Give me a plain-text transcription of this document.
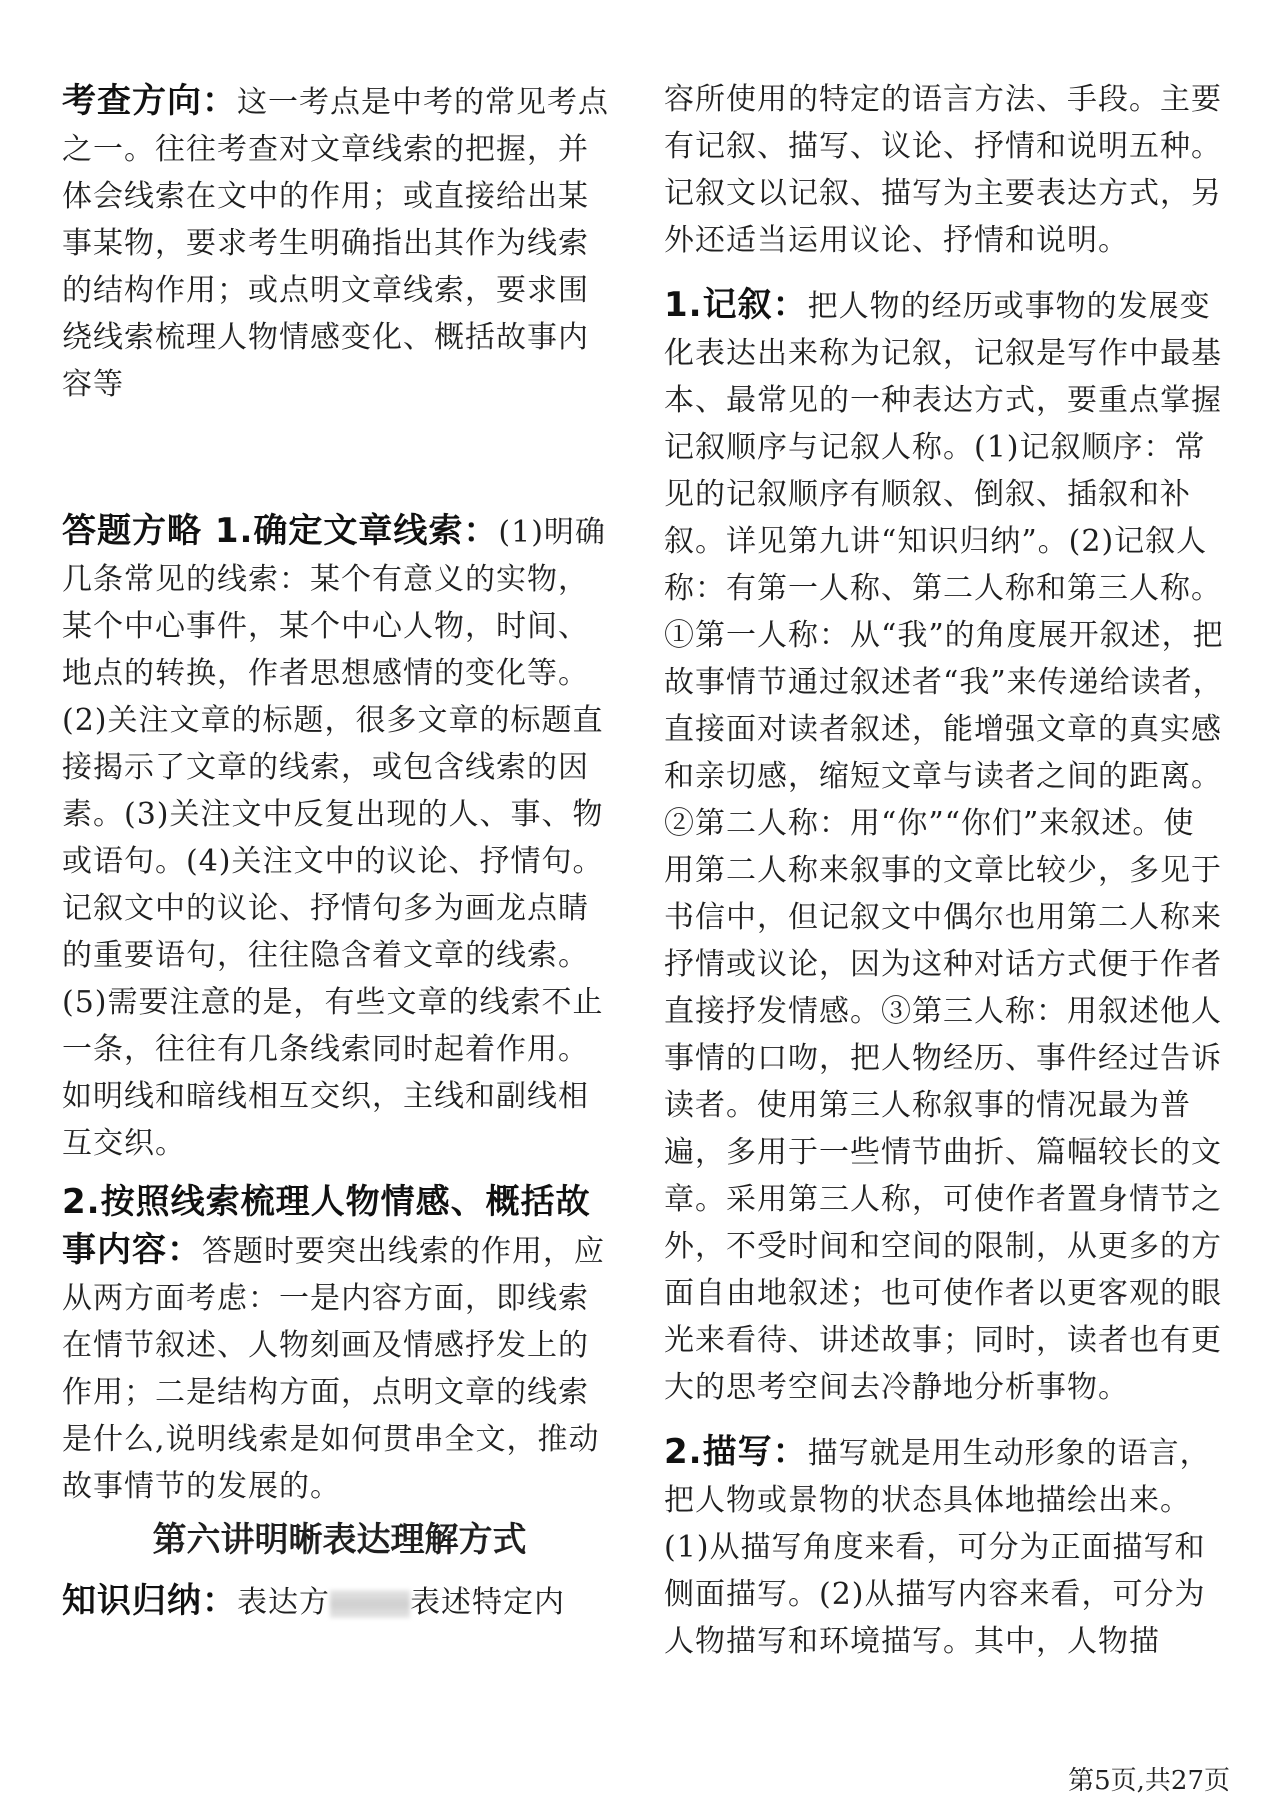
考查方向：这一考点是中考的常见考点之一。往往考查对文章线索的把握，并体会线索在文中的作用；或直接给出某事某物，要求考生明确指出其作为线索的结构作用；或点明文章线索，要求围绕线索梳理人物情感变化、概括故事内容等

答题方略 1.确定文章线索：(1)明确几条常见的线索：某个有意义的实物，某个中心事件，某个中心人物，时间、地点的转换，作者思想感情的变化等。(2)关注文章的标题，很多文章的标题直接揭示了文章的线索，或包含线索的因素。(3)关注文中反复出现的人、事、物或语句。(4)关注文中的议论、抒情句。记叙文中的议论、抒情句多为画龙点睛的重要语句，往往隐含着文章的线索。(5)需要注意的是，有些文章的线索不止一条，往往有几条线索同时起着作用。如明线和暗线相互交织，主线和副线相互交织。

2.按照线索梳理人物情感、概括故事内容：答题时要突出线索的作用，应从两方面考虑：一是内容方面，即线索在情节叙述、人物刻画及情感抒发上的作用；二是结构方面，点明文章的线索是什么,说明线索是如何贯串全文，推动故事情节的发展的。

第六讲明晰表达理解方式

知识归纳：表达方	表述特定内

容所使用的特定的语言方法、手段。主要有记叙、描写、议论、抒情和说明五种。记叙文以记叙、描写为主要表达方式，另外还适当运用议论、抒情和说明。

1.记叙：把人物的经历或事物的发展变化表达出来称为记叙，记叙是写作中最基本、最常见的一种表达方式，要重点掌握记叙顺序与记叙人称。(1)记叙顺序：常见的记叙顺序有顺叙、倒叙、插叙和补叙。详见第九讲“知识归纳”。(2)记叙人称：有第一人称、第二人称和第三人称。①第一人称：从“我”的角度展开叙述，把故事情节通过叙述者“我”来传递给读者，直接面对读者叙述，能增强文章的真实感和亲切感，缩短文章与读者之间的距离。②第二人称：用“你”“你们”来叙述。使用第二人称来叙事的文章比较少，多见于书信中，但记叙文中偶尔也用第二人称来抒情或议论，因为这种对话方式便于作者直接抒发情感。③第三人称：用叙述他人事情的口吻，把人物经历、事件经过告诉读者。使用第三人称叙事的情况最为普遍，多用于一些情节曲折、篇幅较长的文章。采用第三人称，可使作者置身情节之外，不受时间和空间的限制，从更多的方面自由地叙述；也可使作者以更客观的眼光来看待、讲述故事；同时，读者也有更大的思考空间去冷静地分析事物。

2.描写：描写就是用生动形象的语言，把人物或景物的状态具体地描绘出来。(1)从描写角度来看，可分为正面描写和侧面描写。(2)从描写内容来看，可分为人物描写和环境描写。其中，人物描

第5页,共27页
